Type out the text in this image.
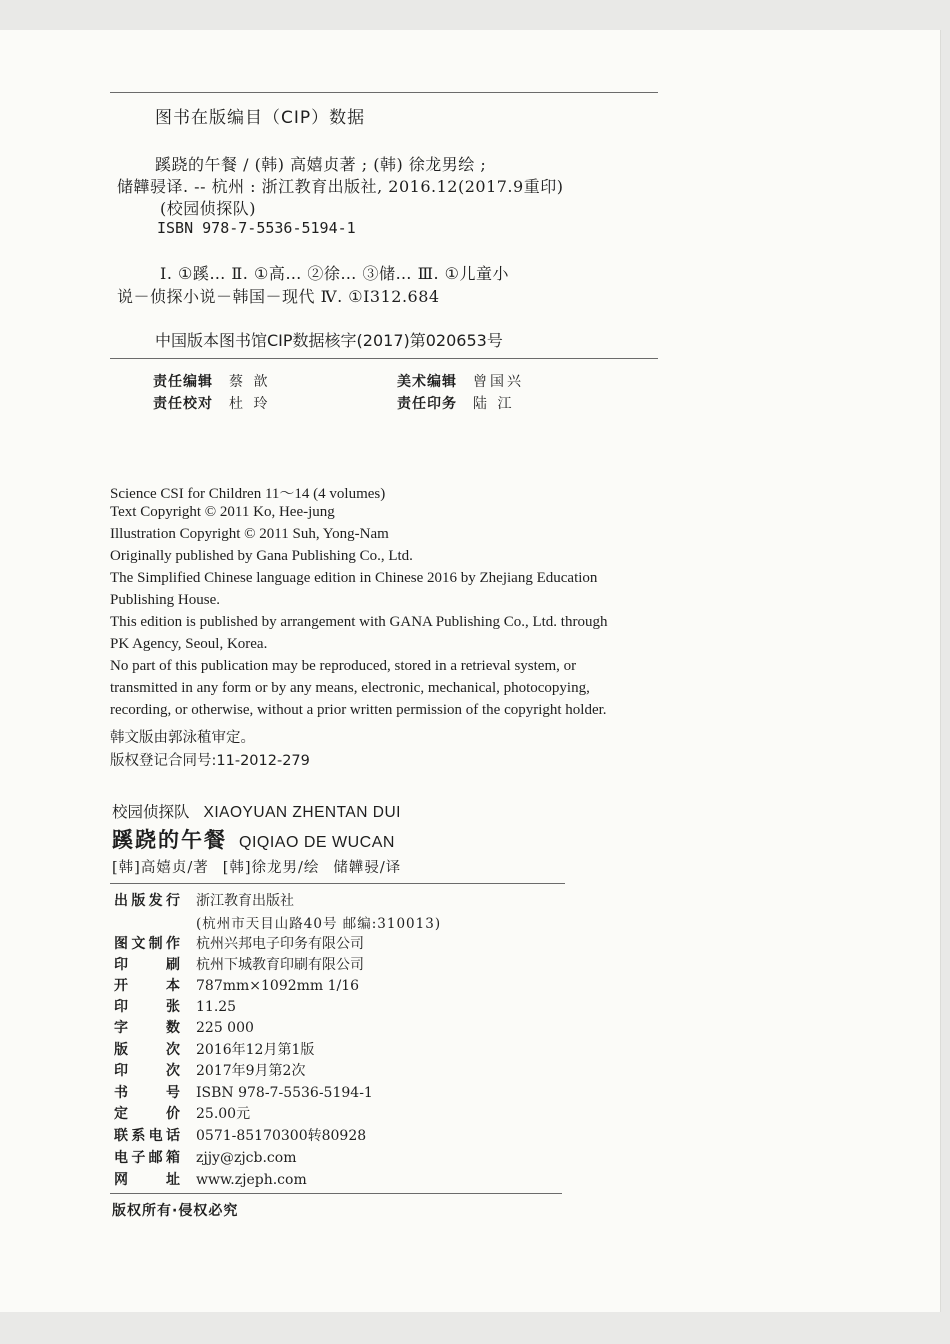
图书在版编目（CIP）数据
蹊跷的午餐 / (韩) 高嬉贞著 ; (韩) 徐龙男绘 ;
储韡骎译. -- 杭州 : 浙江教育出版社, 2016.12(2017.9重印)
(校园侦探队)
ISBN 978-7-5536-5194-1
Ⅰ. ①蹊… Ⅱ. ①高… ②徐… ③储… Ⅲ. ①儿童小
说－侦探小说－韩国－现代 Ⅳ. ①I312.684
中国版本图书馆CIP数据核字(2017)第020653号
责任编辑 蔡 歆
责任校对 杜 玲
美术编辑 曾国兴
责任印务 陆 江
Science CSI for Children 11～14 (4 volumes)
Text Copyright © 2011 Ko, Hee-jung
Illustration Copyright © 2011 Suh, Yong-Nam
Originally published by Gana Publishing Co., Ltd.
The Simplified Chinese language edition in Chinese 2016 by Zhejiang Education
Publishing House.
This edition is published by arrangement with GANA Publishing Co., Ltd. through
PK Agency, Seoul, Korea.
No part of this publication may be reproduced, stored in a retrieval system, or
transmitted in any form or by any means, electronic, mechanical, photocopying,
recording, or otherwise, without a prior written permission of the copyright holder.
韩文版由郭泳稙审定。
版权登记合同号:11-2012-279
校园侦探队 XIAOYUAN ZHENTAN DUI
蹊跷的午餐 QIQIAO DE WUCAN
[韩]高嬉贞/著 [韩]徐龙男/绘 储韡骎/译
出版发行 浙江教育出版社
(杭州市天目山路40号 邮编:310013)
图文制作 杭州兴邦电子印务有限公司
印刷 杭州下城教育印刷有限公司
开本 787mm×1092mm 1/16
印张 11.25
字数 225 000
版次 2016年12月第1版
印次 2017年9月第2次
书号 ISBN 978-7-5536-5194-1
定价 25.00元
联系电话 0571-85170300转80928
电子邮箱 zjjy@zjcb.com
网址 www.zjeph.com
版权所有·侵权必究
